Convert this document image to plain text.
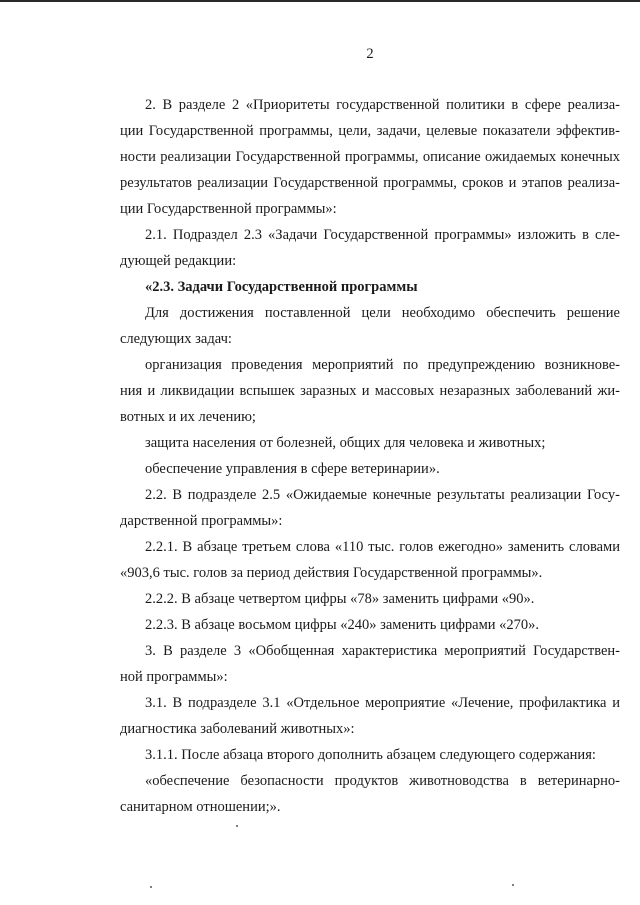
2
2. В разделе 2 «Приоритеты государственной политики в сфере реализа-
ции Государственной программы, цели, задачи, целевые показатели эффектив-
ности реализации Государственной программы, описание ожидаемых конечных
результатов реализации Государственной программы, сроков и этапов реализа-
ции Государственной программы»:
2.1. Подраздел 2.3 «Задачи Государственной программы» изложить в сле-
дующей редакции:
«2.3. Задачи Государственной программы
Для достижения поставленной цели необходимо обеспечить решение
следующих задач:
организация проведения мероприятий по предупреждению возникнове-
ния и ликвидации вспышек заразных и массовых незаразных заболеваний жи-
вотных и их лечению;
защита населения от болезней, общих для человека и животных;
обеспечение управления в сфере ветеринарии».
2.2. В подразделе 2.5 «Ожидаемые конечные результаты реализации Госу-
дарственной программы»:
2.2.1. В абзаце третьем слова «110 тыс. голов ежегодно» заменить словами
«903,6 тыс. голов за период действия Государственной программы».
2.2.2. В абзаце четвертом цифры «78» заменить цифрами «90».
2.2.3. В абзаце восьмом цифры «240» заменить цифрами «270».
3. В разделе 3 «Обобщенная характеристика мероприятий Государствен-
ной программы»:
3.1. В подразделе 3.1 «Отдельное мероприятие «Лечение, профилактика и
диагностика заболеваний животных»:
3.1.1. После абзаца второго дополнить абзацем следующего содержания:
«обеспечение безопасности продуктов животноводства в ветеринарно-
санитарном отношении;».
